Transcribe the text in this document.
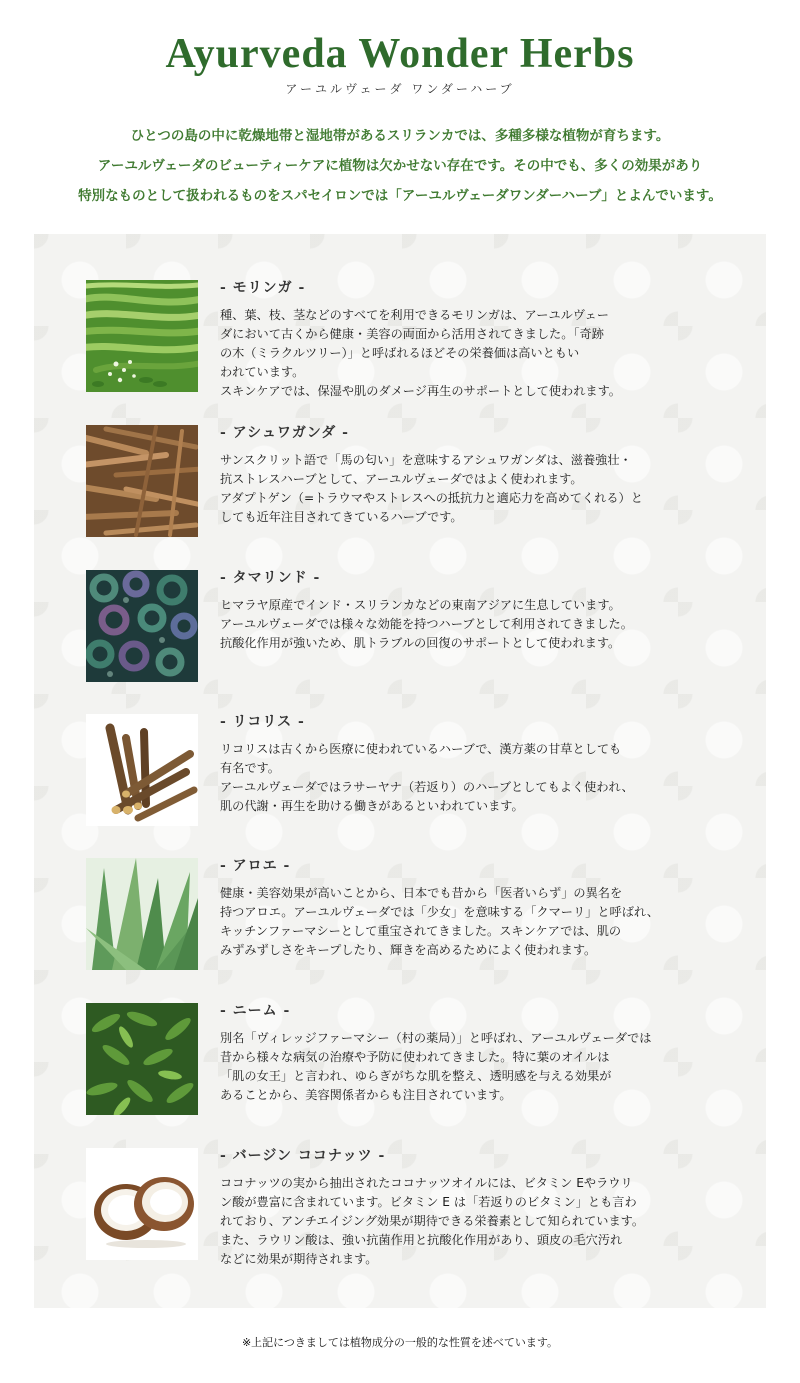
Ayurveda Wonder Herbs
アーユルヴェーダ ワンダーハーブ
ひとつの島の中に乾燥地帯と湿地帯があるスリランカでは、多種多様な植物が育ちます。
アーユルヴェーダのビューティーケアに植物は欠かせない存在です。その中でも、多くの効果があり
特別なものとして扱われるものをスパセイロンでは「アーユルヴェーダワンダーハーブ」とよんでいます。
- モリンガ -

種、葉、枝、茎などのすべてを利用できるモリンガは、アーユルヴェー

ダにおいて古くから健康・美容の両面から活用されてきました。「奇跡

の木（ミラクルツリー）」と呼ばれるほどその栄養価は高いともい

われています。

スキンケアでは、保湿や肌のダメージ再生のサポートとして使われます。

- アシュワガンダ -

サンスクリット語で「馬の匂い」を意味するアシュワガンダは、滋養強壮・

抗ストレスハーブとして、アーユルヴェーダではよく使われます。

アダプトゲン（=トラウマやストレスへの抵抗力と適応力を高めてくれる）と

しても近年注目されてきているハーブです。

- タマリンド -

ヒマラヤ原産でインド・スリランカなどの東南アジアに生息しています。

アーユルヴェーダでは様々な効能を持つハーブとして利用されてきました。

抗酸化作用が強いため、肌トラブルの回復のサポートとして使われます。

- リコリス -

リコリスは古くから医療に使われているハーブで、漢方薬の甘草としても

有名です。

アーユルヴェーダではラサーヤナ（若返り）のハーブとしてもよく使われ、

肌の代謝・再生を助ける働きがあるといわれています。

- アロエ -

健康・美容効果が高いことから、日本でも昔から「医者いらず」の異名を

持つアロエ。アーユルヴェーダでは「少女」を意味する「クマーリ」と呼ばれ、

キッチンファーマシーとして重宝されてきました。スキンケアでは、肌の

みずみずしさをキープしたり、輝きを高めるためによく使われます。

- ニーム -

別名「ヴィレッジファーマシー（村の薬局）」と呼ばれ、アーユルヴェーダでは

昔から様々な病気の治療や予防に使われてきました。特に葉のオイルは

「肌の女王」と言われ、ゆらぎがちな肌を整え、透明感を与える効果が

あることから、美容関係者からも注目されています。

- バージン ココナッツ -

ココナッツの実から抽出されたココナッツオイルには、ビタミン Eやラウリ

ン酸が豊富に含まれています。ビタミン E は「若返りのビタミン」とも言わ

れており、アンチエイジング効果が期待できる栄養素として知られています。

また、ラウリン酸は、強い抗菌作用と抗酸化作用があり、頭皮の毛穴汚れ

などに効果が期待されます。

※上記につきましては植物成分の一般的な性質を述べています。
